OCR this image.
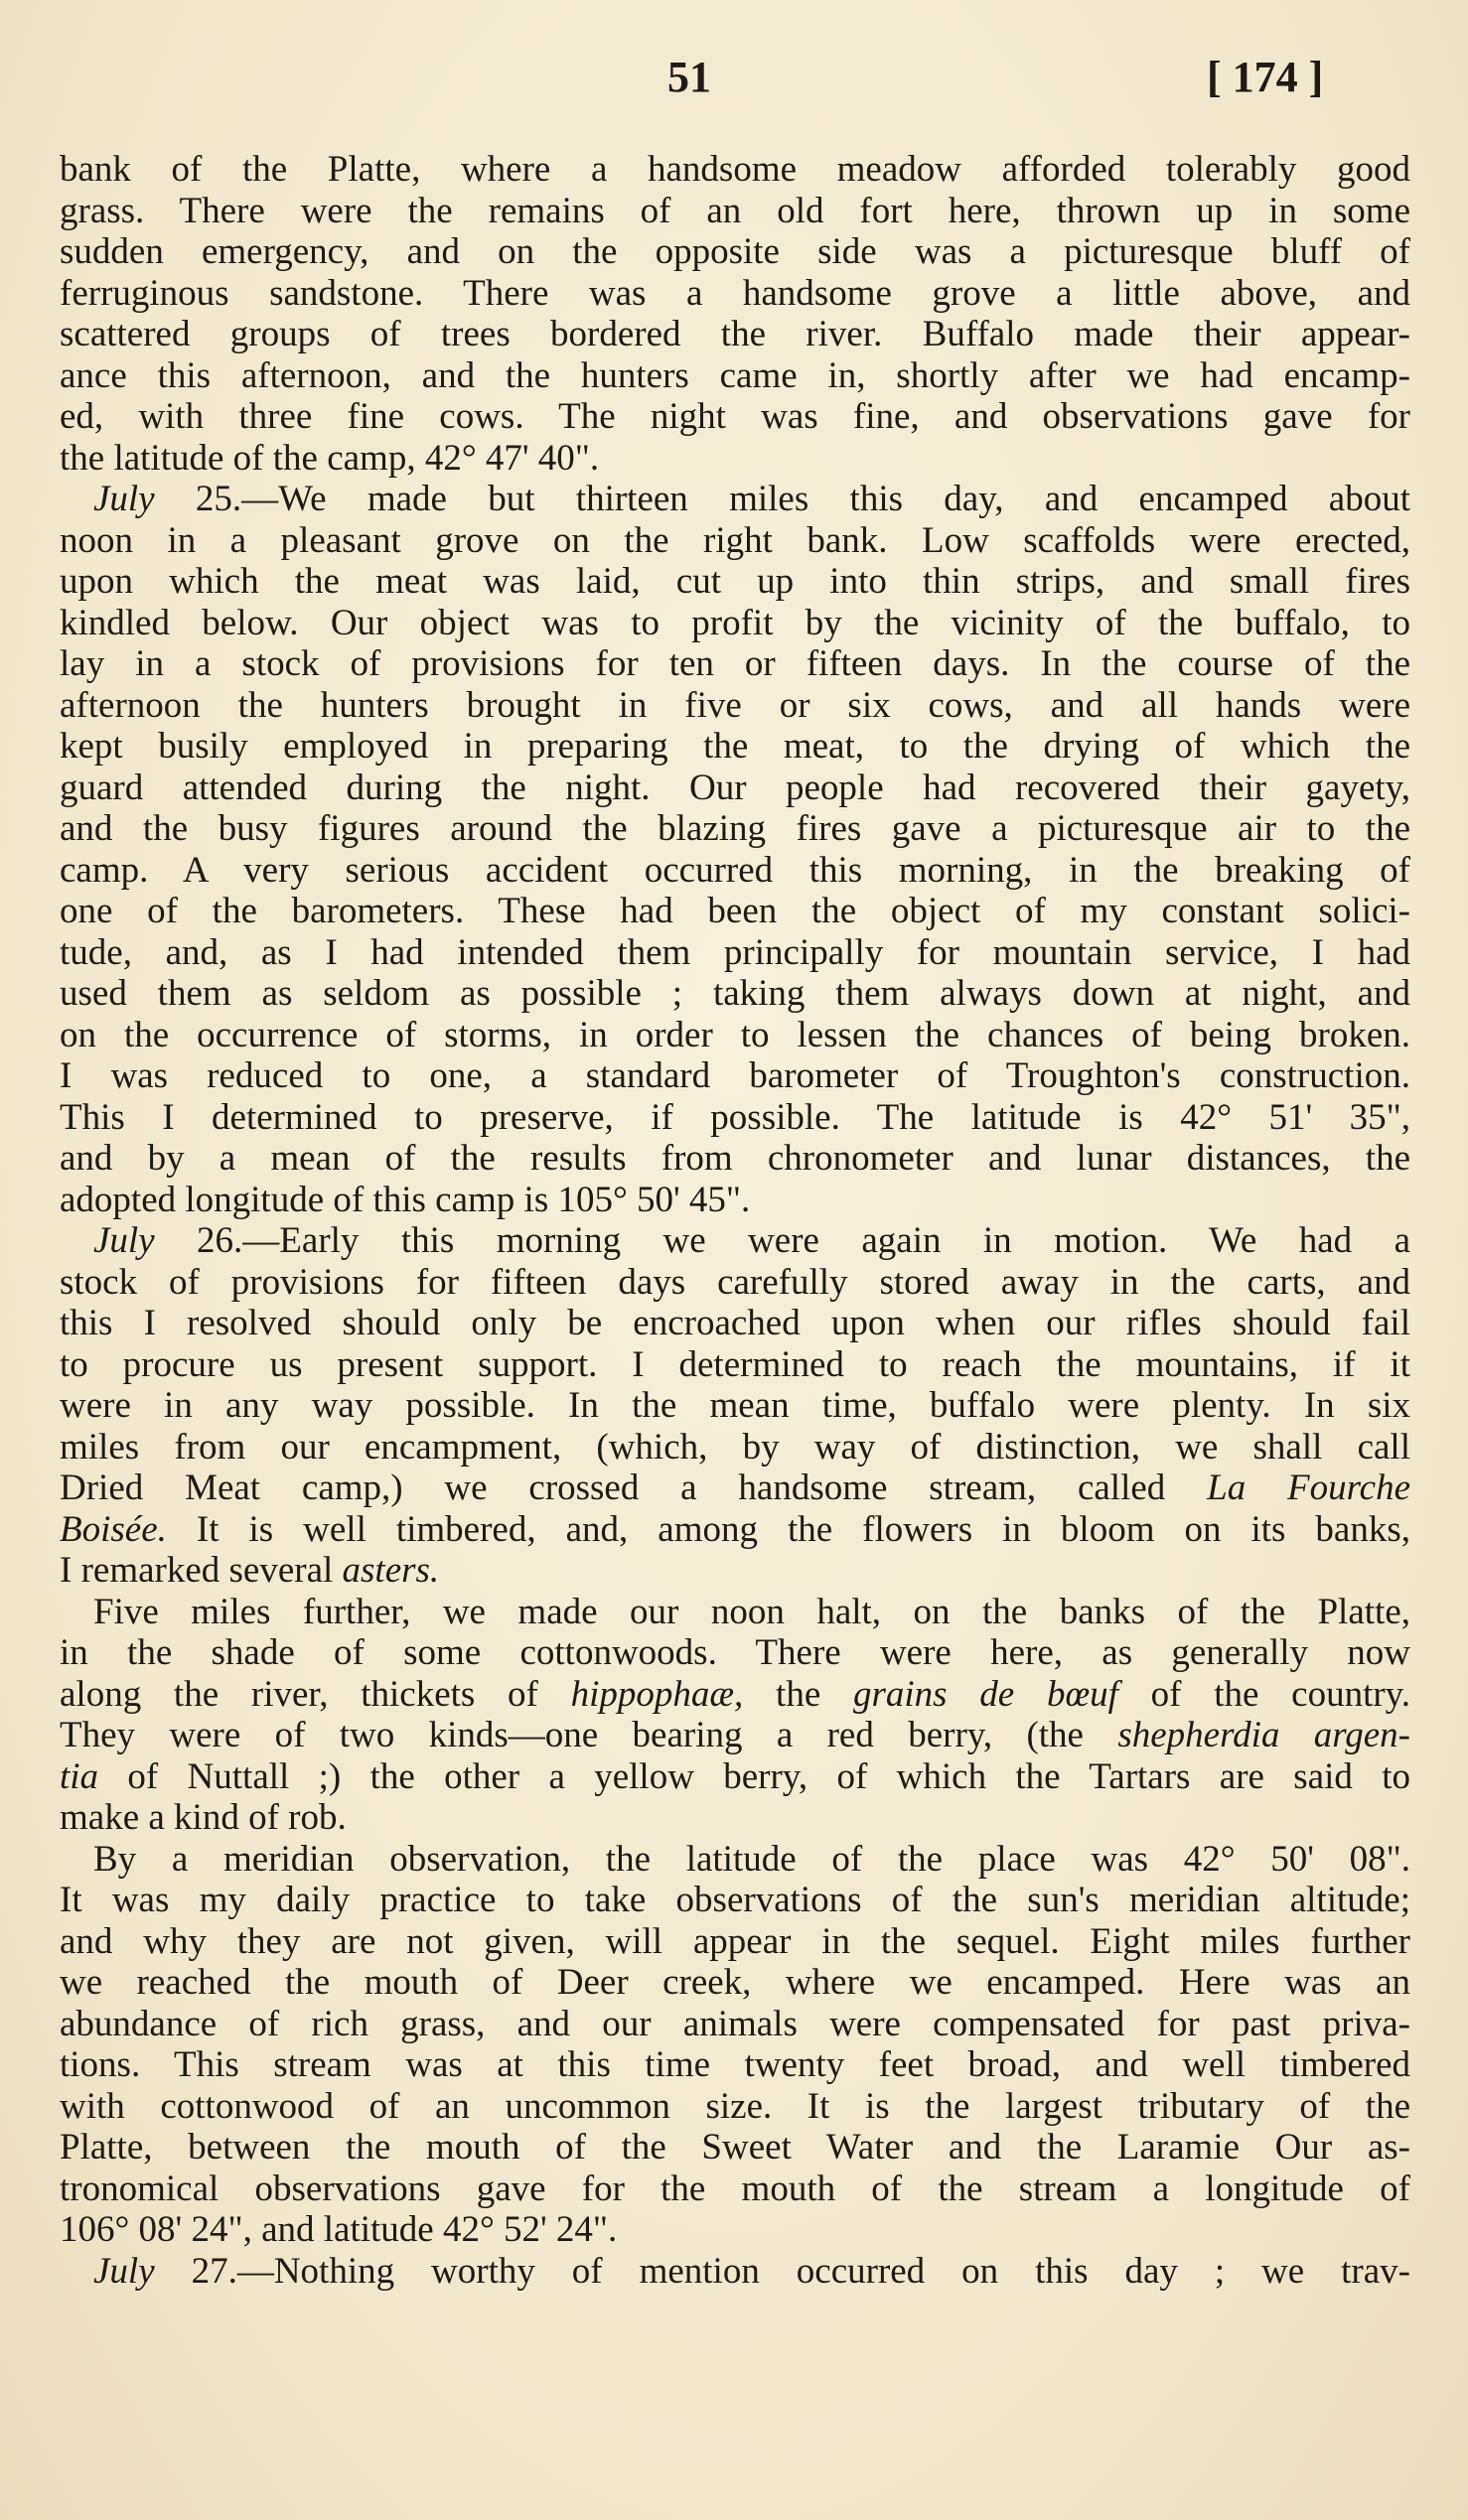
51	[ 174 ]
bank of the Platte, where a handsome meadow afforded tolerably good
grass. There were the remains of an old fort here, thrown up in some
sudden emergency, and on the opposite side was a picturesque bluff of
ferruginous sandstone. There was a handsome grove a little above, and
scattered groups of trees bordered the river. Buffalo made their appear-
ance this afternoon, and the hunters came in, shortly after we had encamp-
ed, with three fine cows. The night was fine, and observations gave for
the latitude of the camp, 42° 47' 40".
July 25.—We made but thirteen miles this day, and encamped about
noon in a pleasant grove on the right bank. Low scaffolds were erected,
upon which the meat was laid, cut up into thin strips, and small fires
kindled below. Our object was to profit by the vicinity of the buffalo, to
lay in a stock of provisions for ten or fifteen days. In the course of the
afternoon the hunters brought in five or six cows, and all hands were
kept busily employed in preparing the meat, to the drying of which the
guard attended during the night. Our people had recovered their gayety,
and the busy figures around the blazing fires gave a picturesque air to the
camp. A very serious accident occurred this morning, in the breaking of
one of the barometers. These had been the object of my constant solici-
tude, and, as I had intended them principally for mountain service, I had
used them as seldom as possible ; taking them always down at night, and
on the occurrence of storms, in order to lessen the chances of being broken.
I was reduced to one, a standard barometer of Troughton's construction.
This I determined to preserve, if possible. The latitude is 42° 51' 35",
and by a mean of the results from chronometer and lunar distances, the
adopted longitude of this camp is 105° 50' 45".
July 26.—Early this morning we were again in motion. We had a
stock of provisions for fifteen days carefully stored away in the carts, and
this I resolved should only be encroached upon when our rifles should fail
to procure us present support. I determined to reach the mountains, if it
were in any way possible. In the mean time, buffalo were plenty. In six
miles from our encampment, (which, by way of distinction, we shall call
Dried Meat camp,) we crossed a handsome stream, called La Fourche
Boisée. It is well timbered, and, among the flowers in bloom on its banks,
I remarked several asters.
Five miles further, we made our noon halt, on the banks of the Platte,
in the shade of some cottonwoods. There were here, as generally now
along the river, thickets of hippophaæ, the grains de bœuf of the country.
They were of two kinds—one bearing a red berry, (the shepherdia argen-
tia of Nuttall ;) the other a yellow berry, of which the Tartars are said to
make a kind of rob.
By a meridian observation, the latitude of the place was 42° 50' 08".
It was my daily practice to take observations of the sun's meridian altitude;
and why they are not given, will appear in the sequel. Eight miles further
we reached the mouth of Deer creek, where we encamped. Here was an
abundance of rich grass, and our animals were compensated for past priva-
tions. This stream was at this time twenty feet broad, and well timbered
with cottonwood of an uncommon size. It is the largest tributary of the
Platte, between the mouth of the Sweet Water and the Laramie Our as-
tronomical observations gave for the mouth of the stream a longitude of
106° 08' 24", and latitude 42° 52' 24".
July 27.—Nothing worthy of mention occurred on this day ; we trav-
